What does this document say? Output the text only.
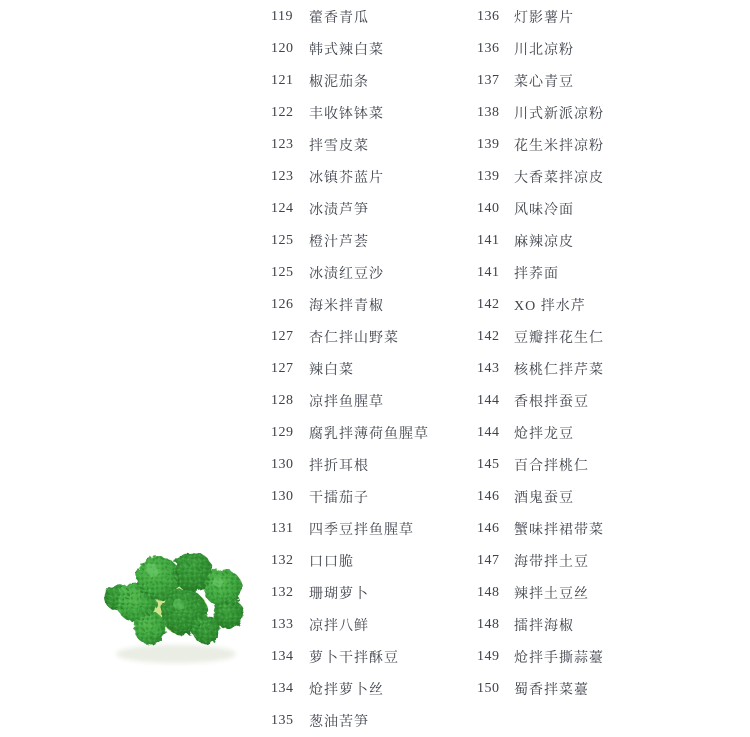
119	藿香青瓜
120	韩式辣白菜
121	椒泥茄条
122	丰收钵钵菜
123	拌雪皮菜
123	冰镇芥蓝片
124	冰渍芦笋
125	橙汁芦荟
125	冰渍红豆沙
126	海米拌青椒
127	杏仁拌山野菜
127	辣白菜
128	凉拌鱼腥草
129	腐乳拌薄荷鱼腥草
130	拌折耳根
130	干擂茄子
131	四季豆拌鱼腥草
132	口口脆
132	珊瑚萝卜
133	凉拌八鲜
134	萝卜干拌酥豆
134	炝拌萝卜丝
135	葱油苦笋
136	灯影薯片
136	川北凉粉
137	菜心青豆
138	川式新派凉粉
139	花生米拌凉粉
139	大香菜拌凉皮
140	风味冷面
141	麻辣凉皮
141	拌荞面
142	XO 拌水芹
142	豆瓣拌花生仁
143	核桃仁拌芹菜
144	香根拌蚕豆
144	炝拌龙豆
145	百合拌桃仁
146	酒鬼蚕豆
146	蟹味拌裙带菜
147	海带拌土豆
148	辣拌土豆丝
148	擂拌海椒
149	炝拌手撕蒜薹
150	蜀香拌菜薹
